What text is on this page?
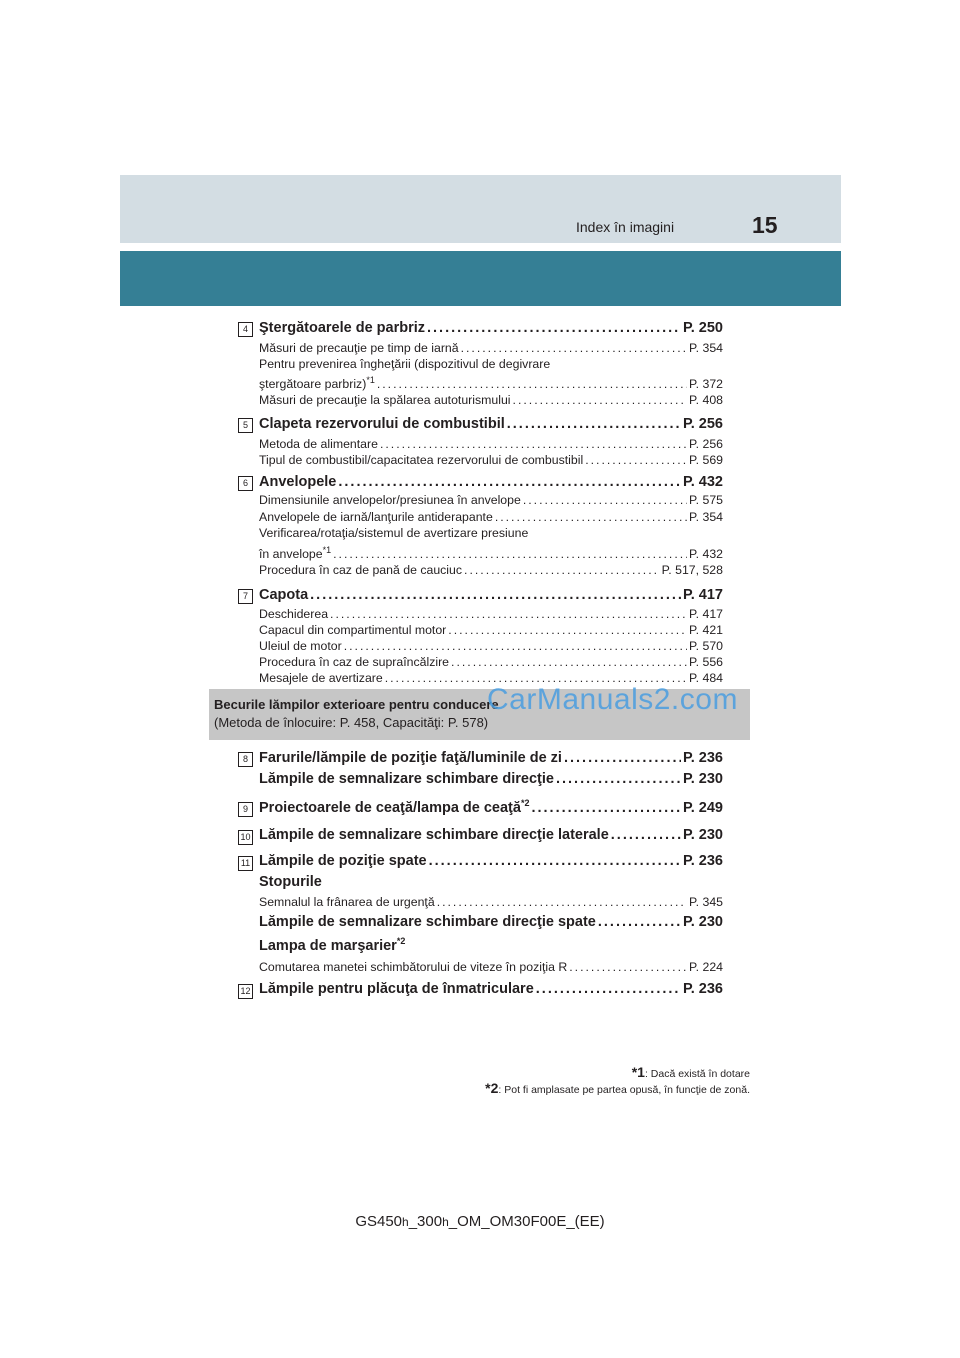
Index în imagini	15
4 Ştergătoarele de parbriz .....	P. 250
Măsuri de precauţie pe timp de iarnă .....	P. 354
Pentru prevenirea îngheţării (dispozitivul de degivrare
ştergătoare parbriz)$^{*1}$ .....	P. 372
Măsuri de precauţie la spălarea autoturismului .....	P. 408
5 Clapeta rezervorului de combustibil .....	P. 256
Metoda de alimentare .....	P. 256
Tipul de combustibil/capacitatea rezervorului de combustibil .....	P. 569
6 Anvelopele .....	P. 432
Dimensiunile anvelopelor/presiunea în anvelope .....	P. 575
Anvelopele de iarnă/lanţurile antiderapante .....	P. 354
Verificarea/rotaţia/sistemul de avertizare presiune
în anvelope$^{*1}$ .....	P. 432
Procedura în caz de pană de cauciuc .....	P. 517, 528
7 Capota .....	P. 417
Deschiderea .....	P. 417
Capacul din compartimentul motor .....	P. 421
Uleiul de motor .....	P. 570
Procedura în caz de supraîncălzire .....	P. 556
Mesajele de avertizare .....	P. 484
Becurile lămpilor exterioare pentru conducere
(Metoda de înlocuire: P. 458, Capacităţi: P. 578)
CarManuals2.com
8 Farurile/lămpile de poziţie faţă/luminile de zi .....	P. 236
Lămpile de semnalizare schimbare direcţie .....	P. 230
9 Proiectoarele de ceaţă/lampa de ceaţă$^{*2}$ .....	P. 249
10 Lămpile de semnalizare schimbare direcţie laterale .....	P. 230
11 Lămpile de poziţie spate .....	P. 236
Stopurile
Semnalul la frânarea de urgenţă .....	P. 345
Lămpile de semnalizare schimbare direcţie spate .....	P. 230
Lampa de marşarier$^{*2}$
Comutarea manetei schimbătorului de viteze în poziţia R .....	P. 224
12 Lămpile pentru plăcuţa de înmatriculare .....	P. 236
*1: Dacă există în dotare
*2: Pot fi amplasate pe partea opusă, în funcţie de zonă.
GS450h_300h_OM_OM30F00E_(EE)
